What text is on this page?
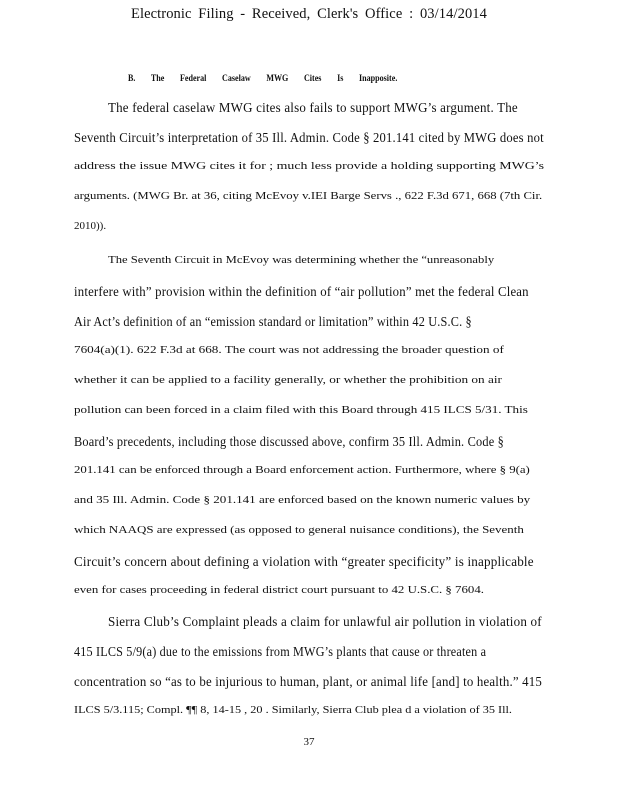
Electronic Filing - Received, Clerk's Office : 03/14/2014
B. The Federal Caselaw MWG Cites Is Inapposite.
The federal caselaw MWG cites also fails to support MWG’s argument. The
Seventh Circuit’s interpretation of 35 Ill. Admin. Code § 201.141 cited by MWG does not
address the issue MWG cites it for ; much less provide a holding supporting MWG’s
arguments. (MWG Br. at 36, citing McEvoy v.IEI Barge Servs ., 622 F.3d 671, 668 (7th Cir.
2010)).
The Seventh Circuit in McEvoy was determining whether the “unreasonably
interfere with” provision within the definition of “air pollution” met the federal Clean
Air Act’s definition of an “emission standard or limitation” within 42 U.S.C. §
7604(a)(1). 622 F.3d at 668. The court was not addressing the broader question of
whether it can be applied to a facility generally, or whether the prohibition on air
pollution can been forced in a claim filed with this Board through 415 ILCS 5/31. This
Board’s precedents, including those discussed above, confirm 35 Ill. Admin. Code §
201.141 can be enforced through a Board enforcement action. Furthermore, where § 9(a)
and 35 Ill. Admin. Code § 201.141 are enforced based on the known numeric values by
which NAAQS are expressed (as opposed to general nuisance conditions), the Seventh
Circuit’s concern about defining a violation with “greater specificity” is inapplicable
even for cases proceeding in federal district court pursuant to 42 U.S.C. § 7604.
Sierra Club’s Complaint pleads a claim for unlawful air pollution in violation of
415 ILCS 5/9(a) due to the emissions from MWG’s plants that cause or threaten a
concentration so “as to be injurious to human, plant, or animal life [and] to health.” 415
ILCS 5/3.115; Compl. ¶¶ 8, 14-15 , 20 . Similarly, Sierra Club plea d a violation of 35 Ill.
37
